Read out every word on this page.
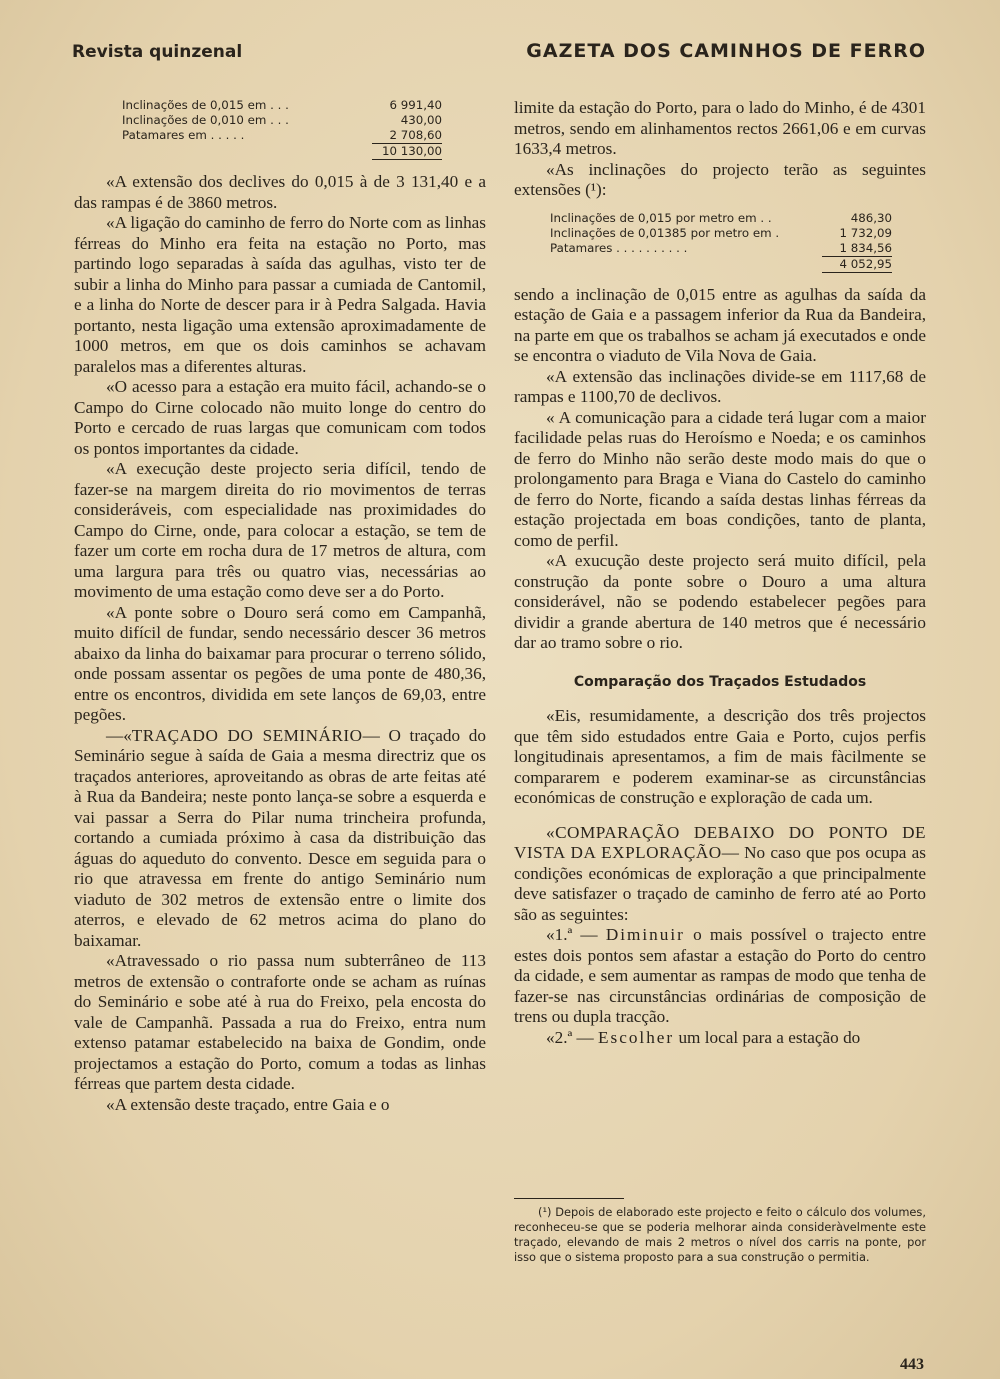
Revista quinzenal	GAZETA DOS CAMINHOS DE FERRO
Inclinações de 0,015 em . . .	6 991,40
Inclinações de 0,010 em . . .	430,00
Patamares em . . . . .	2 708,60
10 130,00

«A extensão dos declives do 0,015 à de 3 131,40 e a das rampas é de 3860 metros.

«A ligação do caminho de ferro do Norte com as linhas férreas do Minho era feita na estação no Porto, mas partindo logo separadas à saída das agulhas, visto ter de subir a linha do Minho para passar a cumiada de Cantomil, e a linha do Norte de descer para ir à Pedra Salgada. Havia portanto, nesta ligação uma extensão aproximadamente de 1000 metros, em que os dois caminhos se achavam paralelos mas a diferentes alturas.

«O acesso para a estação era muito fácil, achando-se o Campo do Cirne colocado não muito longe do centro do Porto e cercado de ruas largas que comunicam com todos os pontos importantes da cidade.

«A execução deste projecto seria difícil, tendo de fazer-se na margem direita do rio movimentos de terras consideráveis, com especialidade nas proximidades do Campo do Cirne, onde, para colocar a estação, se tem de fazer um corte em rocha dura de 17 metros de altura, com uma largura para três ou quatro vias, necessárias ao movimento de uma estação como deve ser a do Porto.

«A ponte sobre o Douro será como em Campanhã, muito difícil de fundar, sendo necessário descer 36 metros abaixo da linha do baixamar para procurar o terreno sólido, onde possam assentar os pegões de uma ponte de 480,36, entre os encontros, dividida em sete lanços de 69,03, entre pegões.

—«TRAÇADO DO SEMINÁRIO— O traçado do Seminário segue à saída de Gaia a mesma directriz que os traçados anteriores, aproveitando as obras de arte feitas até à Rua da Bandeira; neste ponto lança-se sobre a esquerda e vai passar a Serra do Pilar numa trincheira profunda, cortando a cumiada próximo à casa da distribuição das águas do aqueduto do convento. Desce em seguida para o rio que atravessa em frente do antigo Seminário num viaduto de 302 metros de extensão entre o limite dos aterros, e elevado de 62 metros acima do plano do baixamar.

«Atravessado o rio passa num subterrâneo de 113 metros de extensão o contraforte onde se acham as ruínas do Seminário e sobe até à rua do Freixo, pela encosta do vale de Campanhã. Passada a rua do Freixo, entra num extenso patamar estabelecido na baixa de Gondim, onde projectamos a estação do Porto, comum a todas as linhas férreas que partem desta cidade.

«A extensão deste traçado, entre Gaia e o

limite da estação do Porto, para o lado do Minho, é de 4301 metros, sendo em alinhamentos rectos 2661,06 e em curvas 1633,4 metros.

«As inclinações do projecto terão as seguintes extensões (¹):

Inclinações de 0,015 por metro em . .	486,30
Inclinações de 0,01385 por metro em .	1 732,09
Patamares . . . . . . . . . .	1 834,56
4 052,95

sendo a inclinação de 0,015 entre as agulhas da saída da estação de Gaia e a passagem inferior da Rua da Bandeira, na parte em que os trabalhos se acham já executados e onde se encontra o viaduto de Vila Nova de Gaia.

«A extensão das inclinações divide-se em 1117,68 de rampas e 1100,70 de declivos.

« A comunicação para a cidade terá lugar com a maior facilidade pelas ruas do Heroísmo e Noeda; e os caminhos de ferro do Minho não serão deste modo mais do que o prolongamento para Braga e Viana do Castelo do caminho de ferro do Norte, ficando a saída destas linhas férreas da estação projectada em boas condições, tanto de planta, como de perfil.

«A exucução deste projecto será muito difícil, pela construção da ponte sobre o Douro a uma altura considerável, não se podendo estabelecer pegões para dividir a grande abertura de 140 metros que é necessário dar ao tramo sobre o rio.

Comparação dos Traçados Estudados

«Eis, resumidamente, a descrição dos três projectos que têm sido estudados entre Gaia e Porto, cujos perfis longitudinais apresentamos, a fim de mais fàcilmente se compararem e poderem examinar-se as circunstâncias económicas de construção e exploração de cada um.

«COMPARAÇÃO DEBAIXO DO PONTO DE VISTA DA EXPLORAÇÃO— No caso que pos ocupa as condições económicas de exploração a que principalmente deve satisfazer o traçado de caminho de ferro até ao Porto são as seguintes:

«1.ª — Diminuir o mais possível o trajecto entre estes dois pontos sem afastar a estação do Porto do centro da cidade, e sem aumentar as rampas de modo que tenha de fazer-se nas circunstâncias ordinárias de composição de trens ou dupla tracção.

«2.ª — Escolher um local para a estação do

(¹) Depois de elaborado este projecto e feito o cálculo dos volumes, reconheceu-se que se poderia melhorar ainda consideràvelmente este traçado, elevando de mais 2 metros o nível dos carris na ponte, por isso que o sistema proposto para a sua construção o permitia.

443
